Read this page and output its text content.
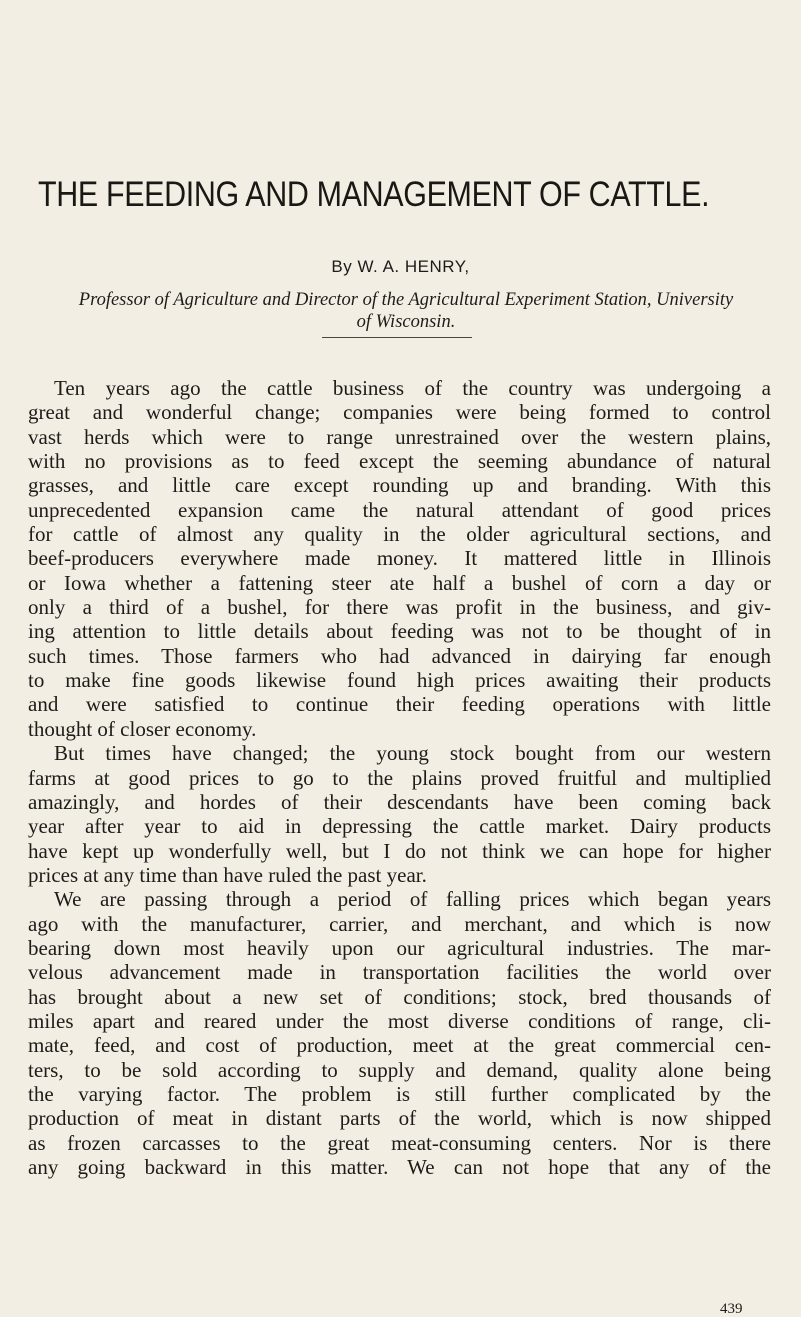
THE FEEDING AND MANAGEMENT OF CATTLE.
By W. A. HENRY,
Professor of Agriculture and Director of the Agricultural Experiment Station, University
of Wisconsin.
Ten years ago the cattle business of the country was undergoing a
great and wonderful change; companies were being formed to control
vast herds which were to range unrestrained over the western plains,
with no provisions as to feed except the seeming abundance of natural
grasses, and little care except rounding up and branding. With this
unprecedented expansion came the natural attendant of good prices
for cattle of almost any quality in the older agricultural sections, and
beef-producers everywhere made money. It mattered little in Illinois
or Iowa whether a fattening steer ate half a bushel of corn a day or
only a third of a bushel, for there was profit in the business, and giv-
ing attention to little details about feeding was not to be thought of in
such times. Those farmers who had advanced in dairying far enough
to make fine goods likewise found high prices awaiting their products
and were satisfied to continue their feeding operations with little
thought of closer economy.
But times have changed; the young stock bought from our western
farms at good prices to go to the plains proved fruitful and multiplied
amazingly, and hordes of their descendants have been coming back
year after year to aid in depressing the cattle market. Dairy products
have kept up wonderfully well, but I do not think we can hope for higher
prices at any time than have ruled the past year.
We are passing through a period of falling prices which began years
ago with the manufacturer, carrier, and merchant, and which is now
bearing down most heavily upon our agricultural industries. The mar-
velous advancement made in transportation facilities the world over
has brought about a new set of conditions; stock, bred thousands of
miles apart and reared under the most diverse conditions of range, cli-
mate, feed, and cost of production, meet at the great commercial cen-
ters, to be sold according to supply and demand, quality alone being
the varying factor. The problem is still further complicated by the
production of meat in distant parts of the world, which is now shipped
as frozen carcasses to the great meat-consuming centers. Nor is there
any going backward in this matter. We can not hope that any of the
439
